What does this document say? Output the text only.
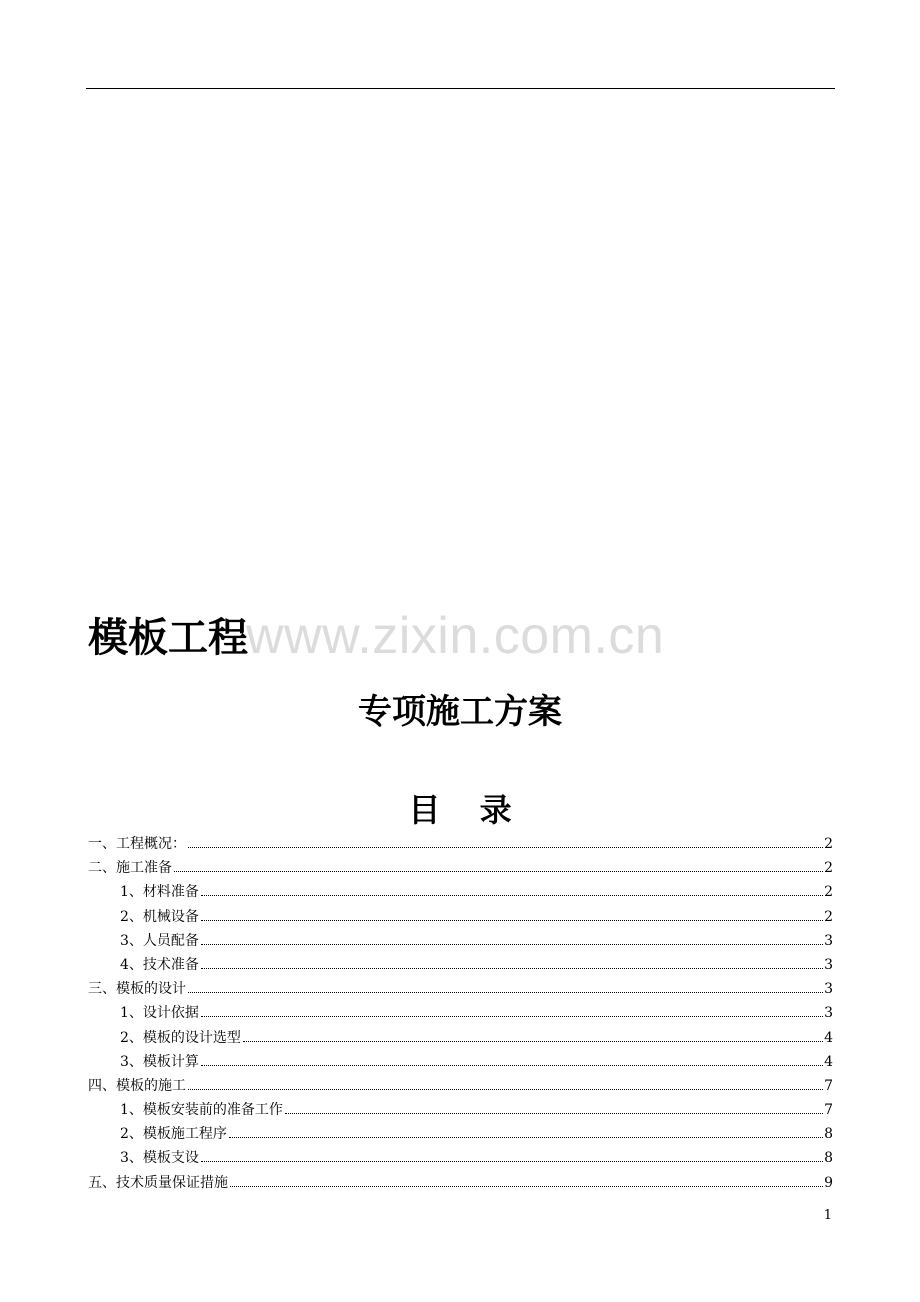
www.zixin.com.cn
模板工程
专项施工方案
目 录
一、工程概况：	2
二、施工准备	2
1、材料准备	2
2、机械设备	2
3、人员配备	3
4、技术准备	3
三、模板的设计	3
1、设计依据	3
2、模板的设计选型	4
3、模板计算	4
四、模板的施工	7
1、模板安装前的准备工作	7
2、模板施工程序	8
3、模板支设	8
五、技术质量保证措施	9
1
